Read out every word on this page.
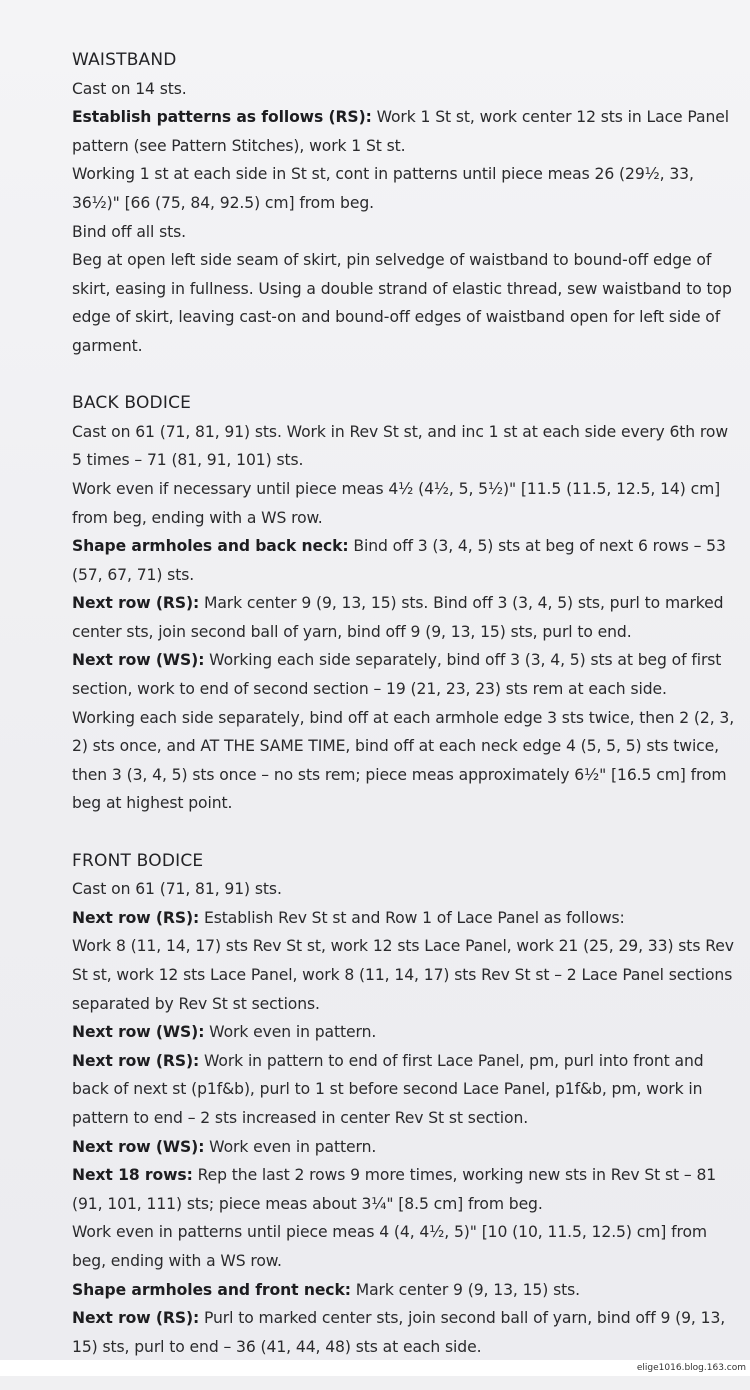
WAISTBAND

Cast on 14 sts.

Establish patterns as follows (RS): Work 1 St st, work center 12 sts in Lace Panel pattern (see Pattern Stitches), work 1 St st.

Working 1 st at each side in St st, cont in patterns until piece meas 26 (29½, 33, 36½)" [66 (75, 84, 92.5) cm] from beg.

Bind off all sts.

Beg at open left side seam of skirt, pin selvedge of waistband to bound-off edge of skirt, easing in fullness. Using a double strand of elastic thread, sew waistband to top edge of skirt, leaving cast-on and bound-off edges of waistband open for left side of garment.

BACK BODICE

Cast on 61 (71, 81, 91) sts. Work in Rev St st, and inc 1 st at each side every 6th row 5 times – 71 (81, 91, 101) sts.

Work even if necessary until piece meas 4½ (4½, 5, 5½)" [11.5 (11.5, 12.5, 14) cm] from beg, ending with a WS row.

Shape armholes and back neck: Bind off 3 (3, 4, 5) sts at beg of next 6 rows – 53 (57, 67, 71) sts.

Next row (RS): Mark center 9 (9, 13, 15) sts. Bind off 3 (3, 4, 5) sts, purl to marked center sts, join second ball of yarn, bind off 9 (9, 13, 15) sts, purl to end.

Next row (WS): Working each side separately, bind off 3 (3, 4, 5) sts at beg of first section, work to end of second section – 19 (21, 23, 23) sts rem at each side.

Working each side separately, bind off at each armhole edge 3 sts twice, then 2 (2, 3, 2) sts once, and AT THE SAME TIME, bind off at each neck edge 4 (5, 5, 5) sts twice, then 3 (3, 4, 5) sts once – no sts rem; piece meas approximately 6½" [16.5 cm] from beg at highest point.

FRONT BODICE

Cast on 61 (71, 81, 91) sts.

Next row (RS): Establish Rev St st and Row 1 of Lace Panel as follows:

Work 8 (11, 14, 17) sts Rev St st, work 12 sts Lace Panel, work 21 (25, 29, 33) sts Rev St st, work 12 sts Lace Panel, work 8 (11, 14, 17) sts Rev St st – 2 Lace Panel sections separated by Rev St st sections.

Next row (WS): Work even in pattern.

Next row (RS): Work in pattern to end of first Lace Panel, pm, purl into front and back of next st (p1f&b), purl to 1 st before second Lace Panel, p1f&b, pm, work in pattern to end – 2 sts increased in center Rev St st section.

Next row (WS): Work even in pattern.

Next 18 rows: Rep the last 2 rows 9 more times, working new sts in Rev St st – 81 (91, 101, 111) sts; piece meas about 3¼" [8.5 cm] from beg.

Work even in patterns until piece meas 4 (4, 4½, 5)" [10 (10, 11.5, 12.5) cm] from beg, ending with a WS row.

Shape armholes and front neck: Mark center 9 (9, 13, 15) sts.

Next row (RS): Purl to marked center sts, join second ball of yarn, bind off 9 (9, 13, 15) sts, purl to end – 36 (41, 44, 48) sts at each side.

elige1016.blog.163.com
